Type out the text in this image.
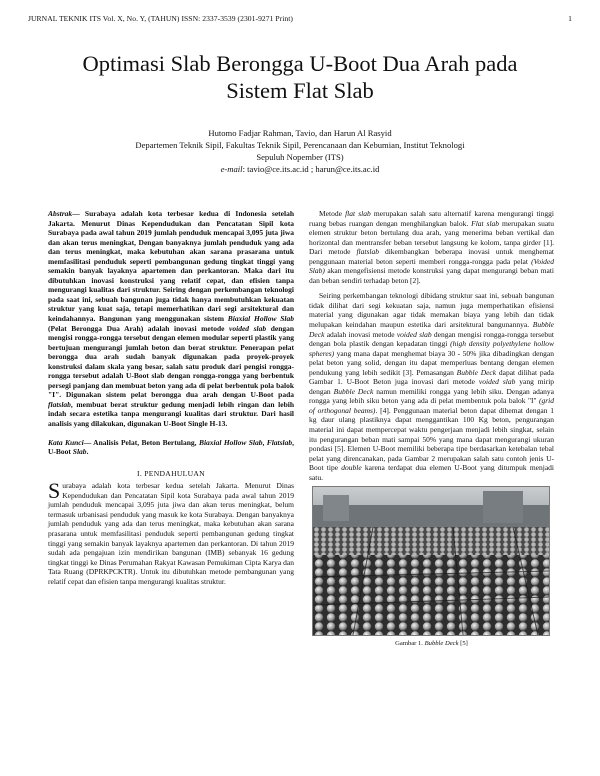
JURNAL TEKNIK ITS Vol. X, No. Y, (TAHUN) ISSN: 2337-3539 (2301-9271 Print)	1
Optimasi Slab Berongga U-Boot Dua Arah pada
Sistem Flat Slab
Hutomo Fadjar Rahman, Tavio, dan Harun Al Rasyid
Departemen Teknik Sipil, Fakultas Teknik Sipil, Perencanaan dan Kebumian, Institut Teknologi
Sepuluh Nopember (ITS)
e-mail: tavio@ce.its.ac.id ; harun@ce.its.ac.id

Abstrak— Surabaya adalah kota terbesar kedua di Indonesia setelah Jakarta. Menurut Dinas Kependudukan dan Pencatatan Sipil kota Surabaya pada awal tahun 2019 jumlah penduduk mencapai 3,095 juta jiwa dan akan terus meningkat, Dengan banyaknya jumlah penduduk yang ada dan terus meningkat, maka kebutuhan akan sarana prasarana untuk memfasilitasi penduduk seperti pembangunan gedung tingkat tinggi yang semakin banyak layaknya apartemen dan perkantoran. Maka dari itu dibutuhkan inovasi konstruksi yang relatif cepat, dan efisien tanpa mengurangi kualitas dari struktur. Seiring dengan perkembangan teknologi pada saat ini, sebuah bangunan juga tidak hanya membutuhkan kekuatan struktur yang kuat saja, tetapi memerhatikan dari segi arsitektural dan keindahannya. Bangunan yang menggunakan sistem Biaxial Hollow Slab (Pelat Berongga Dua Arah) adalah inovasi metode voided slab dengan mengisi rongga-rongga tersebut dengan elemen modular seperti plastik yang bertujuan mengurangi jumlah beton dan berat struktur. Penerapan pelat berongga dua arah sudah banyak digunakan pada proyek-proyek konstruksi dalam skala yang besar, salah satu produk dari pengisi rongga-rongga tersebut adalah U-Boot slab dengan rongga-rongga yang berbentuk persegi panjang dan membuat beton yang ada di pelat berbentuk pola balok "I". Digunakan sistem pelat berongga dua arah dengan U-Boot pada flatslab, membuat berat struktur gedung menjadi lebih ringan dan lebih indah secara estetika tanpa mengurangi kualitas dari struktur. Dari hasil analisis yang dilakukan, digunakan U-Boot Single H-13.

Kata Kunci— Analisis Pelat, Beton Bertulang, Biaxial Hollow Slab, Flatslab, U-Boot Slab.

I. PENDAHULUAN

Surabaya adalah kota terbesar kedua setelah Jakarta. Menurut Dinas Kependudukan dan Pencatatan Sipil kota Surabaya pada awal tahun 2019 jumlah penduduk mencapai 3,095 juta jiwa dan akan terus meningkat, belum termasuk urbanisasi penduduk yang masuk ke kota Surabaya. Dengan banyaknya jumlah penduduk yang ada dan terus meningkat, maka kebutuhan akan sarana prasarana untuk memfasilitasi penduduk seperti pembangunan gedung tingkat tinggi yang semakin banyak layaknya apartemen dan perkantoran. Di tahun 2019 sudah ada pengajuan izin mendirikan bangunan (IMB) sebanyak 16 gedung tingkat tinggi ke Dinas Perumahan Rakyat Kawasan Pemukiman Cipta Karya dan Tata Ruang (DPRKPCKTR). Untuk itu dibutuhkan metode pembangunan yang relatif cepat dan efisien tanpa mengurangi kualitas struktur.

Metode flat slab merupakan salah satu alternatif karena mengurangi tinggi ruang bebas ruangan dengan menghilangkan balok. Flat slab merupakan suatu elemen struktur beton bertulang dua arah, yang menerima beban vertikal dan horizontal dan mentransfer beban tersebut langsung ke kolom, tanpa girder [1]. Dari metode flatslab dikembangkan beberapa inovasi untuk menghemat penggunaan material beton seperti memberi rongga-rongga pada pelat (Voided Slab) akan mengefisiensi metode konstruksi yang dapat mengurangi beban mati dan beban sendiri terhadap beton [2].

Seiring perkembangan teknologi dibidang struktur saat ini, sebuah bangunan tidak dilihat dari segi kekuatan saja, namun juga memperhatikan efisiensi material yang digunakan agar tidak memakan biaya yang lebih dan tidak melupakan keindahan maupun estetika dari arsitektural bangunannya. Bubble Deck adalah inovasi metode voided slab dengan mengisi rongga-rongga tersebut dengan bola plastik dengan kepadatan tinggi (high density polyethylene hollow spheres) yang mana dapat menghemat biaya 30 - 50% jika dibadingkan dengan pelat beton yang solid, dengan itu dapat memperluas bentang dengan elemen pendukung yang lebih sedikit [3]. Pemasangan Bubble Deck dapat dilihat pada Gambar 1. U-Boot Beton juga inovasi dari metode voided slab yang mirip dengan Bubble Deck namun memiliki rongga yang lebih siku. Dengan adanya rongga yang lebih siku beton yang ada di pelat membentuk pola balok "I" (grid of orthogonal beams). [4]. Penggunaan material beton dapat dihemat dengan 1 kg daur ulang plastiknya dapat menggantikan 100 Kg beton, pengurangan material ini dapat mempercepat waktu pengerjaan menjadi lebih singkat, selain itu pengurangan beban mati sampai 50% yang mana dapat mengurangi ukuran pondasi [5]. Elemen U-Boot memiliki beberapa tipe berdasarkan ketebalan tebal pelat yang direncanakan, pada Gambar 2 merupakan salah satu contoh jenis U-Boot tipe double karena terdapat dua elemen U-Boot yang ditumpuk menjadi satu.

Gambar 1. Bubble Deck [5]
